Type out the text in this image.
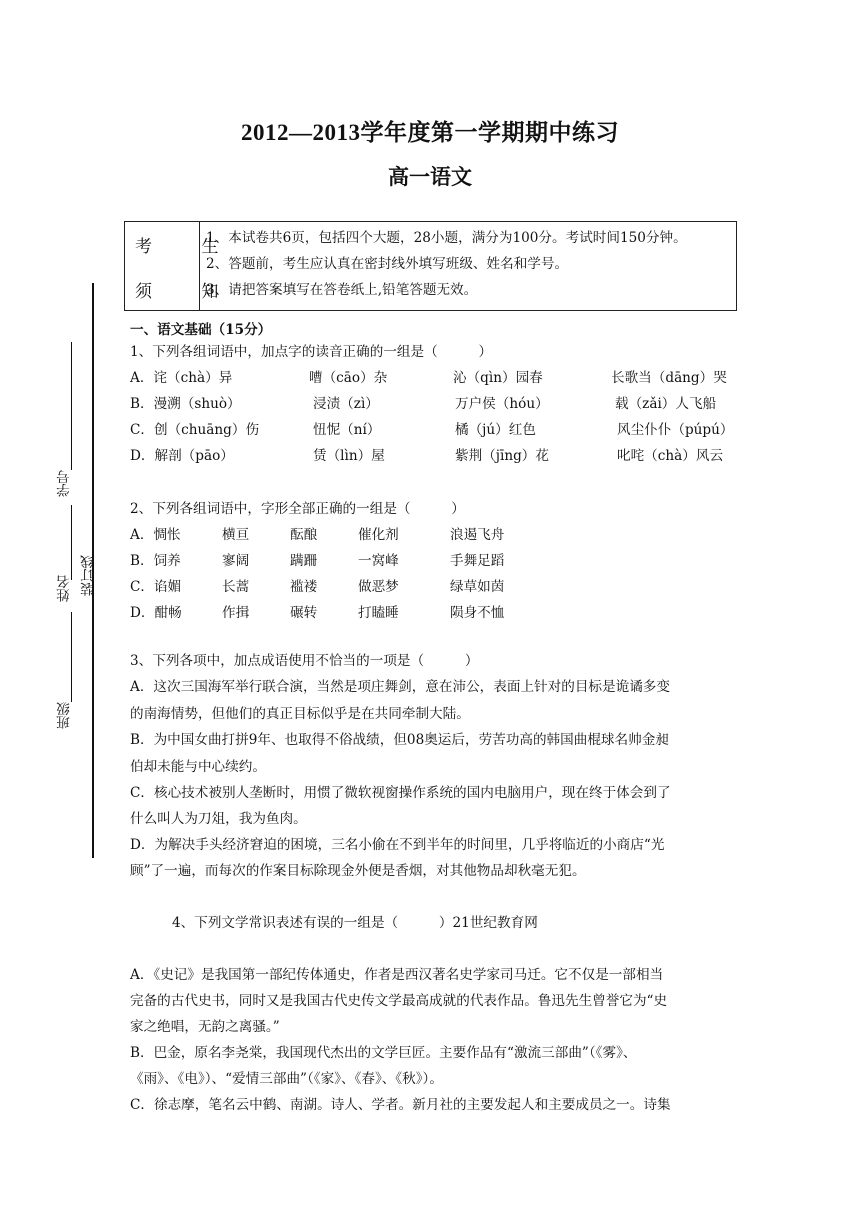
2012—2013学年度第一学期期中练习
高一语文
考 生
须 知
1、本试卷共6页，包括四个大题，28小题，满分为100分。考试时间150分钟。
2、答题前，考生应认真在密封线外填写班级、姓名和学号。
3、请把答案填写在答卷纸上,铅笔答题无效。
学号
姓名 装订线
班级
一、语文基础（15分）
1、下列各组词语中，加点字的读音正确的一组是（　　　）
A．诧（chà）异	嘈（cāo）杂	沁（qìn）园春	长歌当（dāng）哭
B．漫溯（shuò）	浸渍（zì）	万户侯（hóu）	载（zǎi）人飞船
C．创（chuāng）伤	忸怩（ní）	橘（jú）红色	风尘仆仆（púpú）
D．解剖（pāo）	赁（lìn）屋	紫荆（jīng）花	叱咤（chà）风云
2、下列各组词语中，字形全部正确的一组是（　　　）
A．惆怅	横亘	酝酿	催化剂	浪遏飞舟
B．饲养	寥阔	蹒跚	一窝峰	手舞足蹈
C．谄媚	长蒿	褴褛	做恶梦	绿草如茵
D．酣畅	作揖	碾转	打瞌睡	陨身不恤
3、下列各项中，加点成语使用不恰当的一项是（　　　）
A．这次三国海军举行联合演，当然是项庄舞剑，意在沛公，表面上针对的目标是诡谲多变
的南海情势，但他们的真正目标似乎是在共同牵制大陆。
B．为中国女曲打拼9年、也取得不俗战绩，但08奥运后，劳苦功高的韩国曲棍球名帅金昶
伯却未能与中心续约。
C．核心技术被别人垄断时，用惯了微软视窗操作系统的国内电脑用户，现在终于体会到了
什么叫人为刀俎，我为鱼肉。
D．为解决手头经济窘迫的困境，三名小偷在不到半年的时间里，几乎将临近的小商店“光
顾”了一遍，而每次的作案目标除现金外便是香烟，对其他物品却秋毫无犯。
4、下列文学常识表述有误的一组是（　　　）21世纪教育网
A．《史记》是我国第一部纪传体通史，作者是西汉著名史学家司马迁。它不仅是一部相当
完备的古代史书，同时又是我国古代史传文学最高成就的代表作品。鲁迅先生曾誉它为“史
家之绝唱，无韵之离骚。”
B．巴金，原名李尧棠，我国现代杰出的文学巨匠。主要作品有“激流三部曲”（《雾》、
《雨》、《电》）、“爱情三部曲”（《家》、《春》、《秋》）。
C．徐志摩，笔名云中鹤、南湖。诗人、学者。新月社的主要发起人和主要成员之一。诗集
